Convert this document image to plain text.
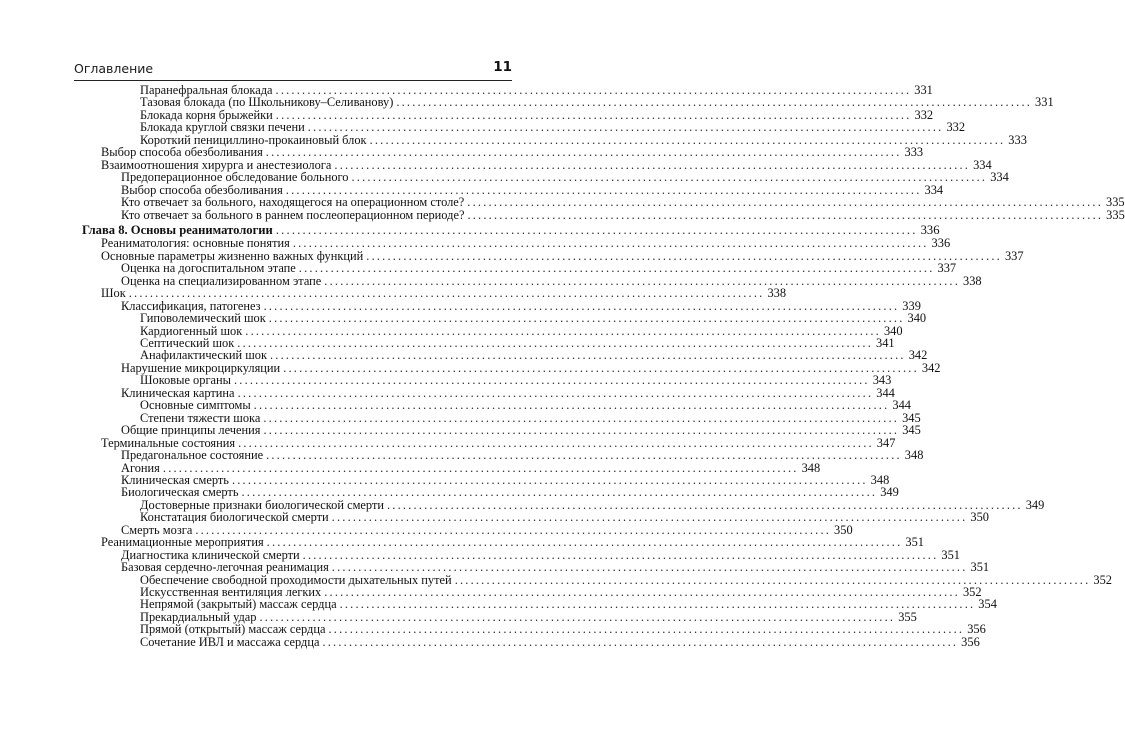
Оглавление	11
Паранефральная блокада ........................................................................................................................ 331
Тазовая блокада (по Школьникову–Селиванову) ........................................................................................................................ 331
Блокада корня брыжейки ........................................................................................................................ 332
Блокада круглой связки печени ........................................................................................................................ 332
Короткий пенициллино-прокаиновый блок ........................................................................................................................ 333
Выбор способа обезболивания ........................................................................................................................ 333
Взаимоотношения хирурга и анестезиолога ........................................................................................................................ 334
Предоперационное обследование больного ........................................................................................................................ 334
Выбор способа обезболивания ........................................................................................................................ 334
Кто отвечает за больного, находящегося на операционном столе? ........................................................................................................................ 335
Кто отвечает за больного в раннем послеоперационном периоде? ........................................................................................................................ 335
Глава 8. Основы реаниматологии ........................................................................................................................ 336
Реаниматология: основные понятия ........................................................................................................................ 336
Основные параметры жизненно важных функций ........................................................................................................................ 337
Оценка на догоспитальном этапе ........................................................................................................................ 337
Оценка на специализированном этапе ........................................................................................................................ 338
Шок ........................................................................................................................ 338
Классификация, патогенез ........................................................................................................................ 339
Гиповолемический шок ........................................................................................................................ 340
Кардиогенный шок ........................................................................................................................ 340
Септический шок ........................................................................................................................ 341
Анафилактический шок ........................................................................................................................ 342
Нарушение микроциркуляции ........................................................................................................................ 342
Шоковые органы ........................................................................................................................ 343
Клиническая картина ........................................................................................................................ 344
Основные симптомы ........................................................................................................................ 344
Степени тяжести шока ........................................................................................................................ 345
Общие принципы лечения ........................................................................................................................ 345
Терминальные состояния ........................................................................................................................ 347
Предагональное состояние ........................................................................................................................ 348
Агония ........................................................................................................................ 348
Клиническая смерть ........................................................................................................................ 348
Биологическая смерть ........................................................................................................................ 349
Достоверные признаки биологической смерти ........................................................................................................................ 349
Констатация биологической смерти ........................................................................................................................ 350
Смерть мозга ........................................................................................................................ 350
Реанимационные мероприятия ........................................................................................................................ 351
Диагностика клинической смерти ........................................................................................................................ 351
Базовая сердечно-легочная реанимация ........................................................................................................................ 351
Обеспечение свободной проходимости дыхательных путей ........................................................................................................................ 352
Искусственная вентиляция легких ........................................................................................................................ 352
Непрямой (закрытый) массаж сердца ........................................................................................................................ 354
Прекардиальный удар ........................................................................................................................ 355
Прямой (открытый) массаж сердца ........................................................................................................................ 356
Сочетание ИВЛ и массажа сердца ........................................................................................................................ 356
